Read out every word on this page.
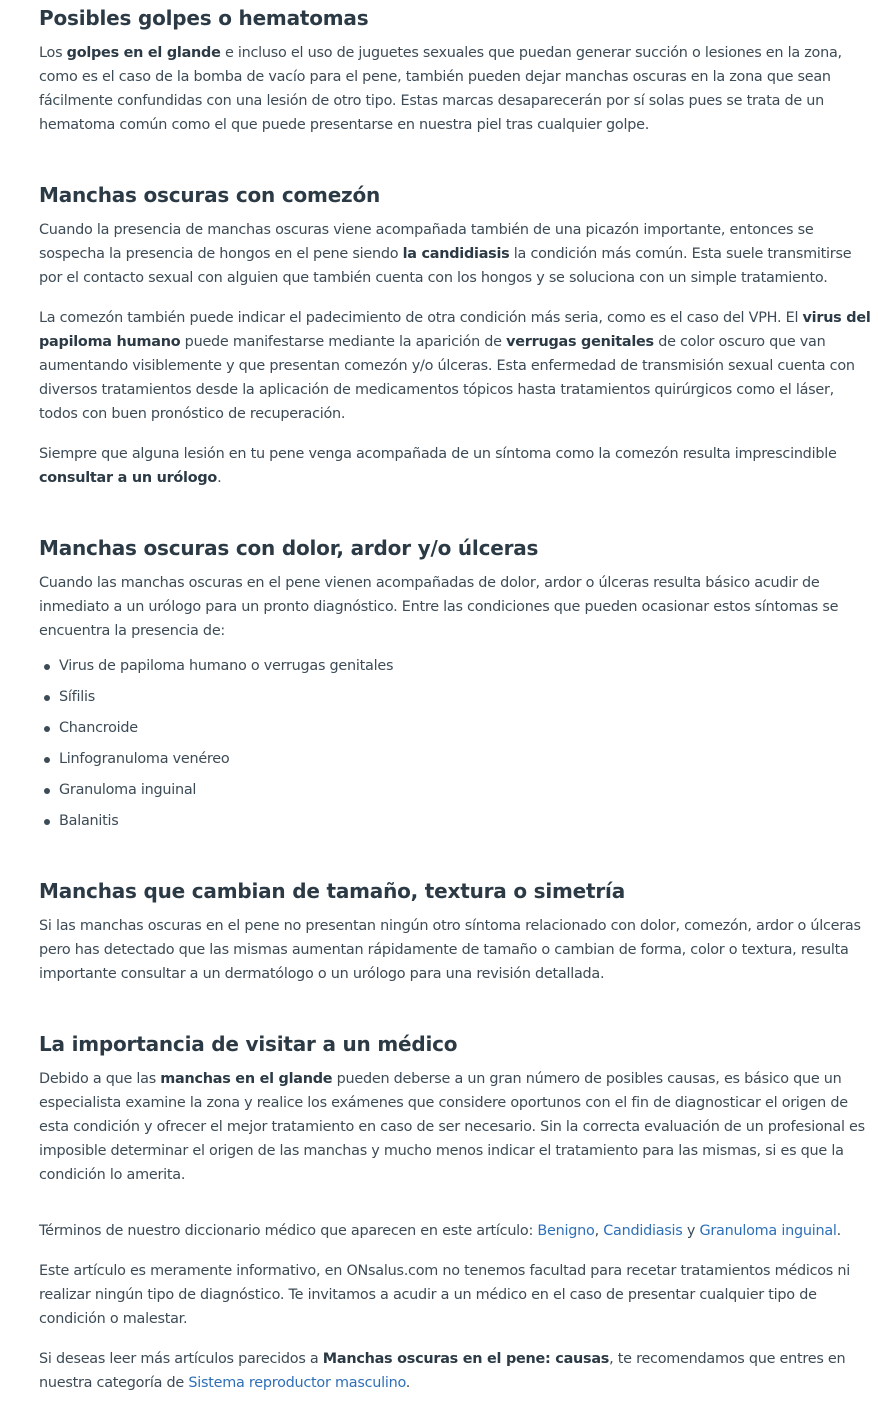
Posibles golpes o hematomas

Los golpes en el glande e incluso el uso de juguetes sexuales que puedan generar succión o lesiones en la zona, como es el caso de la bomba de vacío para el pene, también pueden dejar manchas oscuras en la zona que sean fácilmente confundidas con una lesión de otro tipo. Estas marcas desaparecerán por sí solas pues se trata de un hematoma común como el que puede presentarse en nuestra piel tras cualquier golpe.

Manchas oscuras con comezón

Cuando la presencia de manchas oscuras viene acompañada también de una picazón importante, entonces se sospecha la presencia de hongos en el pene siendo la candidiasis la condición más común. Esta suele transmitirse por el contacto sexual con alguien que también cuenta con los hongos y se soluciona con un simple tratamiento.

La comezón también puede indicar el padecimiento de otra condición más seria, como es el caso del VPH. El virus del papiloma humano puede manifestarse mediante la aparición de verrugas genitales de color oscuro que van aumentando visiblemente y que presentan comezón y/o úlceras. Esta enfermedad de transmisión sexual cuenta con diversos tratamientos desde la aplicación de medicamentos tópicos hasta tratamientos quirúrgicos como el láser, todos con buen pronóstico de recuperación.

Siempre que alguna lesión en tu pene venga acompañada de un síntoma como la comezón resulta imprescindible consultar a un urólogo.

Manchas oscuras con dolor, ardor y/o úlceras

Cuando las manchas oscuras en el pene vienen acompañadas de dolor, ardor o úlceras resulta básico acudir de inmediato a un urólogo para un pronto diagnóstico. Entre las condiciones que pueden ocasionar estos síntomas se encuentra la presencia de:

Virus de papiloma humano o verrugas genitales
Sífilis
Chancroide
Linfogranuloma venéreo
Granuloma inguinal
Balanitis
Manchas que cambian de tamaño, textura o simetría

Si las manchas oscuras en el pene no presentan ningún otro síntoma relacionado con dolor, comezón, ardor o úlceras pero has detectado que las mismas aumentan rápidamente de tamaño o cambian de forma, color o textura, resulta importante consultar a un dermatólogo o un urólogo para una revisión detallada.

La importancia de visitar a un médico

Debido a que las manchas en el glande pueden deberse a un gran número de posibles causas, es básico que un especialista examine la zona y realice los exámenes que considere oportunos con el fin de diagnosticar el origen de esta condición y ofrecer el mejor tratamiento en caso de ser necesario. Sin la correcta evaluación de un profesional es imposible determinar el origen de las manchas y mucho menos indicar el tratamiento para las mismas, si es que la condición lo amerita.

Términos de nuestro diccionario médico que aparecen en este artículo: Benigno, Candidiasis y Granuloma inguinal.

Este artículo es meramente informativo, en ONsalus.com no tenemos facultad para recetar tratamientos médicos ni realizar ningún tipo de diagnóstico. Te invitamos a acudir a un médico en el caso de presentar cualquier tipo de condición o malestar.

Si deseas leer más artículos parecidos a Manchas oscuras en el pene: causas, te recomendamos que entres en nuestra categoría de Sistema reproductor masculino.
